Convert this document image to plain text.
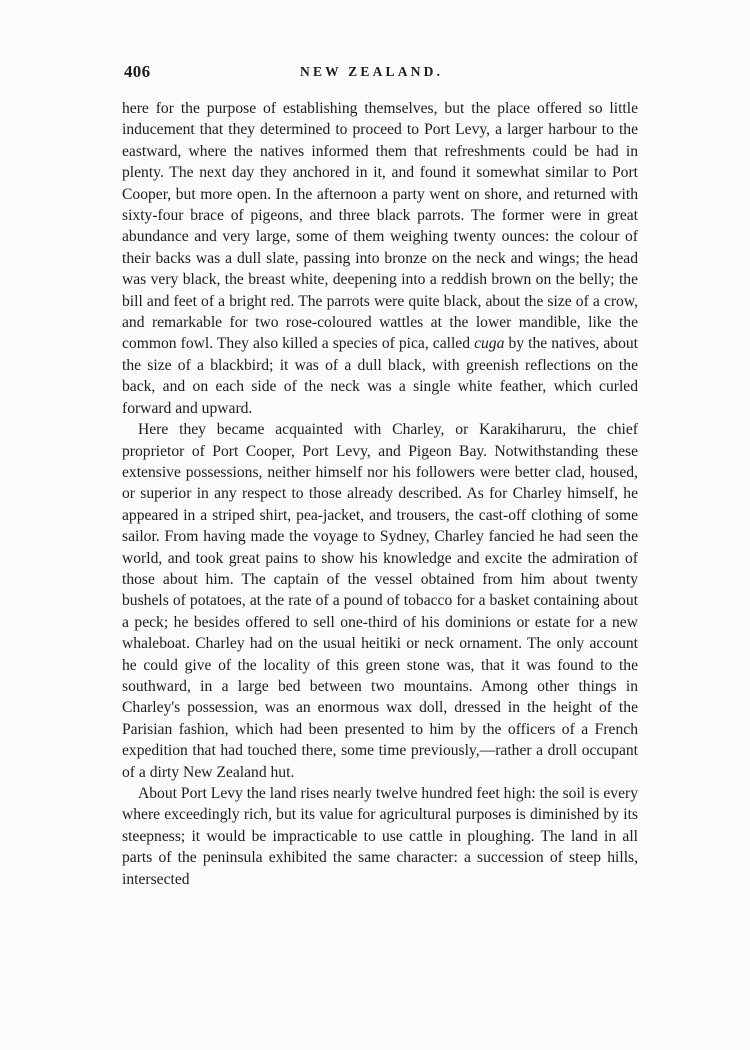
406	NEW ZEALAND.

here for the purpose of establishing themselves, but the place offered so little inducement that they determined to proceed to Port Levy, a larger harbour to the eastward, where the natives informed them that refreshments could be had in plenty. The next day they anchored in it, and found it somewhat similar to Port Cooper, but more open. In the afternoon a party went on shore, and returned with sixty-four brace of pigeons, and three black parrots. The former were in great abundance and very large, some of them weighing twenty ounces: the colour of their backs was a dull slate, passing into bronze on the neck and wings; the head was very black, the breast white, deepening into a reddish brown on the belly; the bill and feet of a bright red. The parrots were quite black, about the size of a crow, and remarkable for two rose-coloured wattles at the lower mandible, like the common fowl. They also killed a species of pica, called cuga by the natives, about the size of a blackbird; it was of a dull black, with greenish reflections on the back, and on each side of the neck was a single white feather, which curled forward and upward.

Here they became acquainted with Charley, or Karakiharuru, the chief proprietor of Port Cooper, Port Levy, and Pigeon Bay. Notwithstanding these extensive possessions, neither himself nor his followers were better clad, housed, or superior in any respect to those already described. As for Charley himself, he appeared in a striped shirt, pea-jacket, and trousers, the cast-off clothing of some sailor. From having made the voyage to Sydney, Charley fancied he had seen the world, and took great pains to show his knowledge and excite the admiration of those about him. The captain of the vessel obtained from him about twenty bushels of potatoes, at the rate of a pound of tobacco for a basket containing about a peck; he besides offered to sell one-third of his dominions or estate for a new whaleboat. Charley had on the usual heitiki or neck ornament. The only account he could give of the locality of this green stone was, that it was found to the southward, in a large bed between two mountains. Among other things in Charley's possession, was an enormous wax doll, dressed in the height of the Parisian fashion, which had been presented to him by the officers of a French expedition that had touched there, some time previously,—rather a droll occupant of a dirty New Zealand hut.

About Port Levy the land rises nearly twelve hundred feet high: the soil is every where exceedingly rich, but its value for agricultural purposes is diminished by its steepness; it would be impracticable to use cattle in ploughing. The land in all parts of the peninsula exhibited the same character: a succession of steep hills, intersected
